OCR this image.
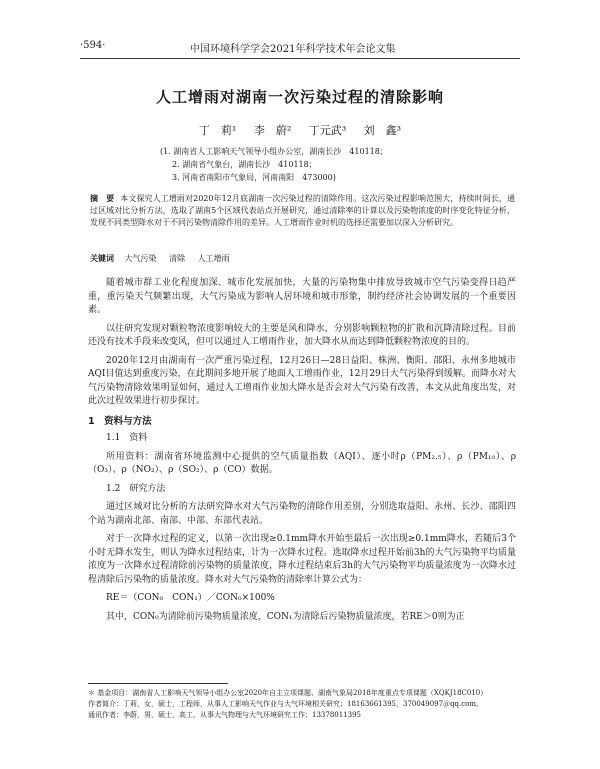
·594·	中国环境科学学会2021年科学技术年会论文集
人工增雨对湖南一次污染过程的清除影响
丁　莉¹ 李　蔚² 丁元武³ 刘　鑫³
(1. 湖南省人工影响天气领导小组办公室，湖南长沙　410118；
2. 湖南省气象台，湖南长沙　410118；
3. 河南省南阳市气象局，河南南阳　473000)
摘　要 本文探究人工增雨对2020年12月底湖南一次污染过程的清除作用。这次污染过程影响范围大，持续时间长，通过区域对比分析方法，选取了湖南5个区域代表站点开展研究，通过清除率的计算以及污染物浓度的时序变化特征分析，发现不同类型降水对于不同污染物清除作用的差异。人工增雨作业时机的选择还需要加以深入分析研究。
关键词 大气污染 清除 人工增雨

随着城市群工业化程度加深、城市化发展加快，大量的污染物集中排放导致城市空气污染变得日趋严重，重污染天气频繁出现，大气污染成为影响人居环境和城市形象，制约经济社会协调发展的一个重要因素。

以往研究发现对颗粒物浓度影响较大的主要是风和降水，分别影响颗粒物的扩散和沉降清除过程。目前还没有技术手段来改变风，但可以通过人工增雨作业，加大降水从而达到降低颗粒物浓度的目的。

2020年12月由湖南有一次严重污染过程，12月26日—28日益阳、株洲、衡阳、邵阳、永州多地城市AQI目值达到重度污染，在此期间多地开展了地面人工增雨作业，12月29日大气污染得到缓解。而降水对大气污染物清除效果明显如何，通过人工增雨作业加大降水是否会对大气污染有改善，本文从此角度出发，对此次过程效果进行初步探讨。

1　资料与方法

1.1　资料

所用资料：湖南省环境监测中心提供的空气质量指数（AQI）、逐小时ρ（PM₂.₅）、ρ（PM₁₀）、ρ（O₃）、ρ（NO₂）、ρ（SO₂）、ρ（CO）数据。

1.2　研究方法

通过区域对比分析的方法研究降水对大气污染物的清除作用差别，分别选取益阳、永州、长沙、邵阳四个站为湖南北部、南部、中部、东部代表站。

对于一次降水过程的定义，以第一次出现≥0.1mm降水开始至最后一次出现≥0.1mm降水，若随后3个小时无降水发生，则认为降水过程结束，计为一次降水过程。选取降水过程开始前3h的大气污染物平均质量浓度为一次降水过程清除前污染物的质量浓度，降水过程结束后3h的大气污染物平均质量浓度为一次降水过程清除后污染物的质量浓度。降水对大气污染物的清除率计算公式为：

RE＝（CON₀　CON₁）／CON₀×100%

其中，CON₀为清除前污染物质量浓度，CON₁为清除后污染物质量浓度，若RE＞0则为正

＊ 基金项目：湖南省人工影响天气领导小组办公室2020年自主立项课题、湖南气象局2018年度重点专项课题（XQKJ18C010）
作者简介：丁莉，女，硕士，工程师，从事人工影响天气作业与大气环境相关研究；18163661395，370049097＠qq.com。
通讯作者：李蔚，男，硕士，高工，从事大气物理与大气环境研究工作；13378011395
